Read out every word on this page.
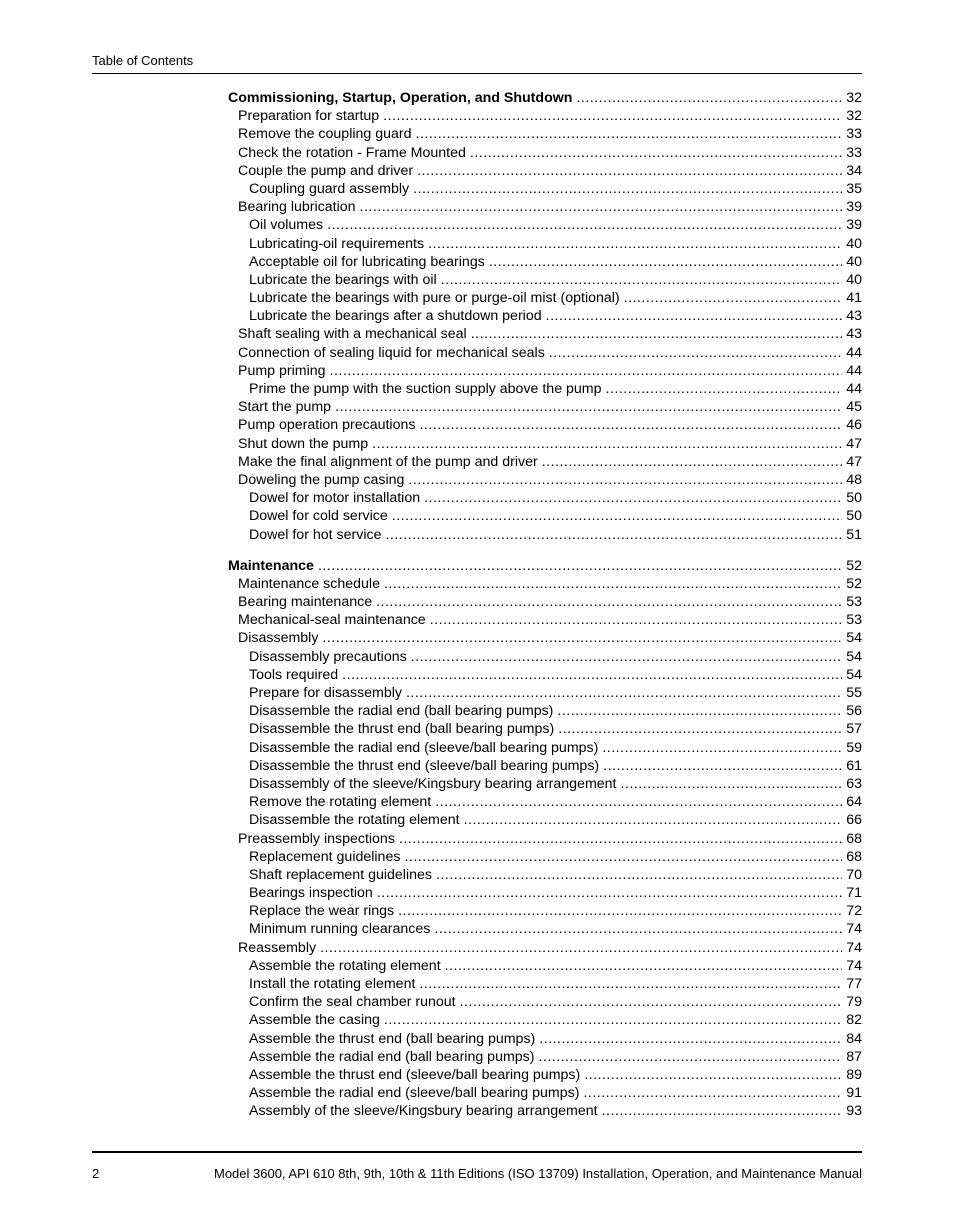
Table of Contents
Commissioning, Startup, Operation, and Shutdown .....	32
Preparation for startup .....	32
Remove the coupling guard .....	33
Check the rotation - Frame Mounted .....	33
Couple the pump and driver .....	34
Coupling guard assembly .....	35
Bearing lubrication .....	39
Oil volumes .....	39
Lubricating-oil requirements .....	40
Acceptable oil for lubricating bearings .....	40
Lubricate the bearings with oil .....	40
Lubricate the bearings with pure or purge-oil mist (optional) .....	41
Lubricate the bearings after a shutdown period .....	43
Shaft sealing with a mechanical seal .....	43
Connection of sealing liquid for mechanical seals .....	44
Pump priming .....	44
Prime the pump with the suction supply above the pump .....	44
Start the pump .....	45
Pump operation precautions .....	46
Shut down the pump .....	47
Make the final alignment of the pump and driver .....	47
Doweling the pump casing .....	48
Dowel for motor installation .....	50
Dowel for cold service .....	50
Dowel for hot service .....	51
Maintenance .....	52
Maintenance schedule .....	52
Bearing maintenance .....	53
Mechanical-seal maintenance .....	53
Disassembly .....	54
Disassembly precautions .....	54
Tools required .....	54
Prepare for disassembly .....	55
Disassemble the radial end (ball bearing pumps) .....	56
Disassemble the thrust end (ball bearing pumps) .....	57
Disassemble the radial end (sleeve/ball bearing pumps) .....	59
Disassemble the thrust end (sleeve/ball bearing pumps) .....	61
Disassembly of the sleeve/Kingsbury bearing arrangement .....	63
Remove the rotating element .....	64
Disassemble the rotating element .....	66
Preassembly inspections .....	68
Replacement guidelines .....	68
Shaft replacement guidelines .....	70
Bearings inspection .....	71
Replace the wear rings .....	72
Minimum running clearances .....	74
Reassembly .....	74
Assemble the rotating element .....	74
Install the rotating element .....	77
Confirm the seal chamber runout .....	79
Assemble the casing .....	82
Assemble the thrust end (ball bearing pumps) .....	84
Assemble the radial end (ball bearing pumps) .....	87
Assemble the thrust end (sleeve/ball bearing pumps) .....	89
Assemble the radial end (sleeve/ball bearing pumps) .....	91
Assembly of the sleeve/Kingsbury bearing arrangement .....	93
2	Model 3600, API 610 8th, 9th, 10th & 11th Editions (ISO 13709) Installation, Operation, and Maintenance Manual
